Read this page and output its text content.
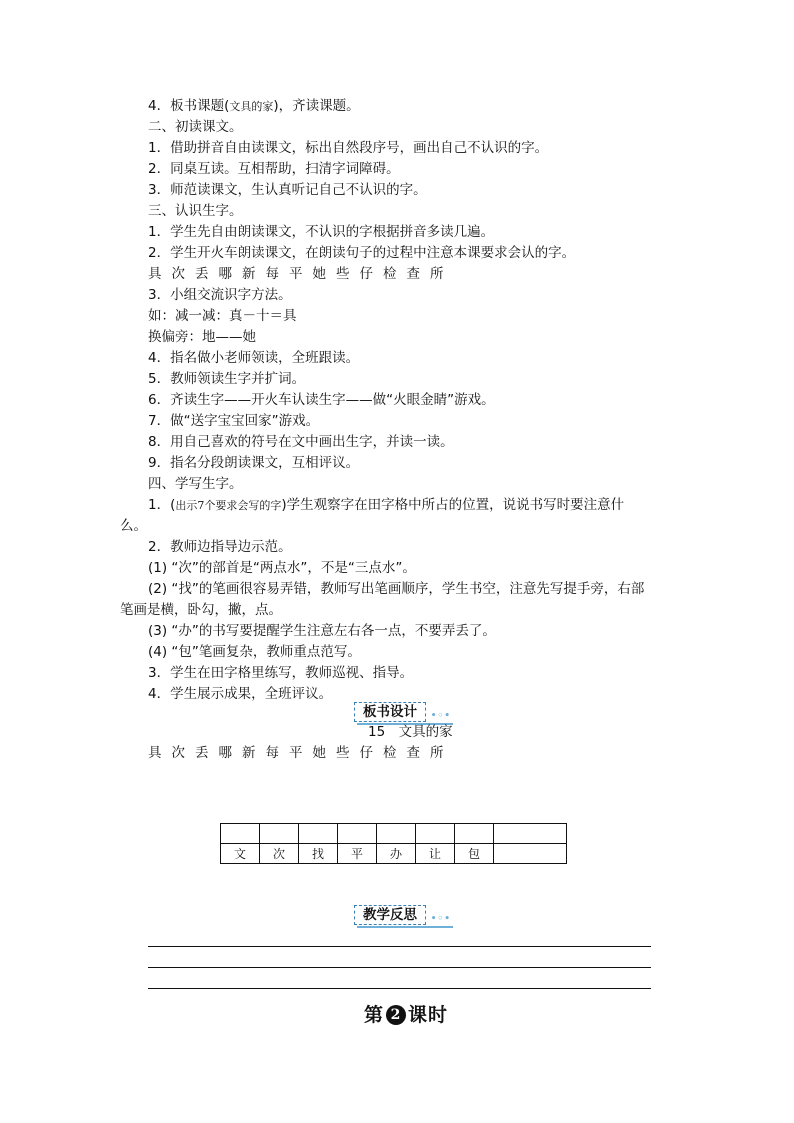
4．板书课题(文具的家)，齐读课题。
二、初读课文。
1．借助拼音自由读课文，标出自然段序号，画出自己不认识的字。
2．同桌互读。互相帮助，扫清字词障碍。
3．师范读课文，生认真听记自己不认识的字。
三、认识生字。
1．学生先自由朗读课文，不认识的字根据拼音多读几遍。
2．学生开火车朗读课文，在朗读句子的过程中注意本课要求会认的字。
具 次 丢 哪 新 每 平 她 些 仔 检 查 所
3．小组交流识字方法。
如：减一减：真－十＝具
换偏旁：地——她
4．指名做小老师领读，全班跟读。
5．教师领读生字并扩词。
6．齐读生字——开火车认读生字——做“火眼金睛”游戏。
7．做“送字宝宝回家”游戏。
8．用自己喜欢的符号在文中画出生字，并读一读。
9．指名分段朗读课文，互相评议。
四、学写生字。
1．(出示7个要求会写的字)学生观察字在田字格中所占的位置，说说书写时要注意什
么。
2．教师边指导边示范。
(1) “次”的部首是“两点水”，不是“三点水”。
(2) “找”的笔画很容易弄错，教师写出笔画顺序，学生书空，注意先写提手旁，右部
笔画是横，卧勾，撇，点。
(3) “办”的书写要提醒学生注意左右各一点，不要弄丢了。
(4) “包”笔画复杂，教师重点范写。
3．学生在田字格里练写，教师巡视、指导。
4．学生展示成果，全班评议。
板书设计 •◦•
15　文具的家
具 次 丢 哪 新 每 平 她 些 仔 检 查 所

文	次	找	平	办	让	包	
教学反思 •◦•
第 2 课时
